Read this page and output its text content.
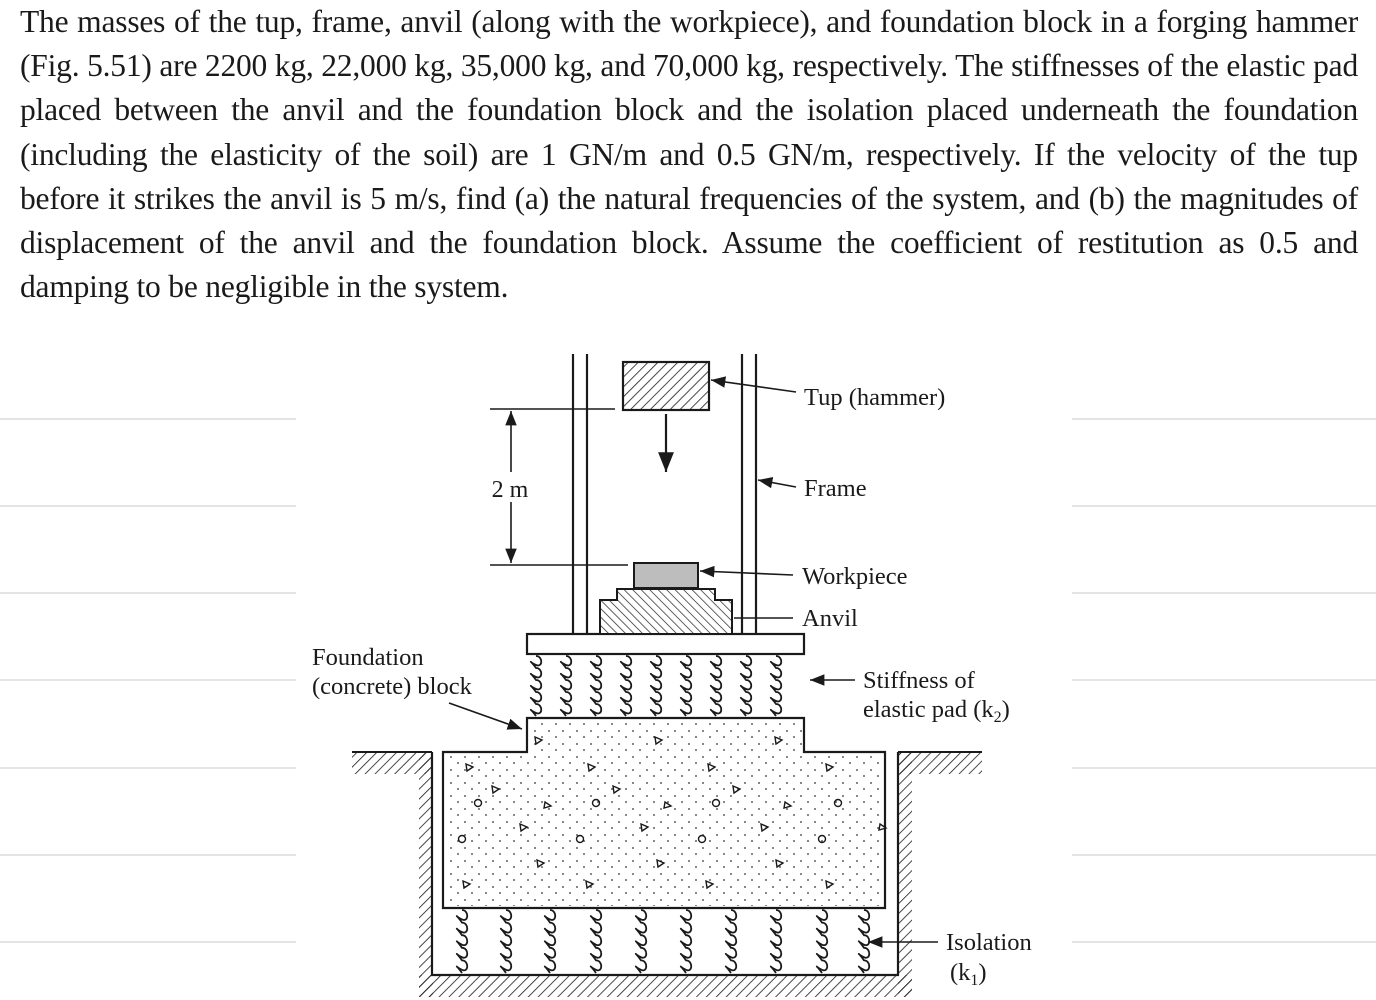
The masses of the tup, frame, anvil (along with the workpiece), and foundation block in a forging hammer (Fig. 5.51) are 2200 kg, 22,000 kg, 35,000 kg, and 70,000 kg, respectively. The stiffnesses of the elastic pad placed between the anvil and the foundation block and the isolation placed underneath the foundation (including the elasticity of the soil) are 1 GN/m and 0.5 GN/m, respectively. If the velocity of the tup before it strikes the anvil is 5 m/s, find (a) the natural frequencies of the system, and (b) the magnitudes of displacement of the anvil and the foundation block. Assume the coefficient of restitution as 0.5 and damping to be negligible in the system.

2 m
Tup (hammer)
Frame
Workpiece
Anvil
Stiffness of
elastic pad $(k_2)$
Foundation
(concrete) block
Isolation
$(k_1)$
